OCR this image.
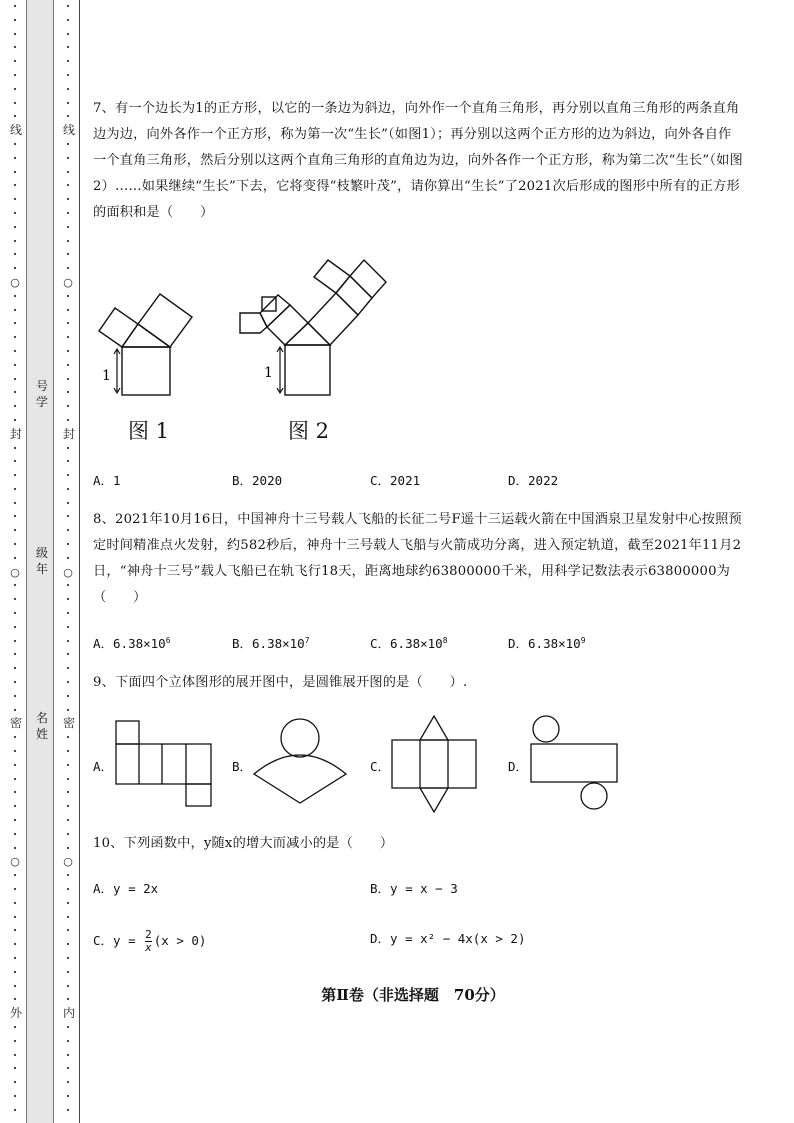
·
·
·
·
·
·
·
·
·
线
·
·
·
·
·
·
·
·
·
·
○
·
·
·
·
·
·
·
·
·
·
封
·
·
·
·
·
·
·
·
·
○
·
·
·
·
·
·
·
·
·
·
密
·
·
·
·
·
·
·
·
·
○
·
·
·
·
·
·
·
·
·
·
外
·
·
·
·
·
·
·
·
·
·
·
·
·
·
·
·
线
·
·
·
·
·
·
·
·
·
·
○
·
·
·
·
·
·
·
·
·
·
封
·
·
·
·
·
·
·
·
·
○
·
·
·
·
·
·
·
·
·
·
密
·
·
·
·
·
·
·
·
·
○
·
·
·
·
·
·
·
·
·
·
内
·
·
·
·
·
·
·
号学
级年
名姓
7、有一个边长为1的正方形，以它的一条边为斜边，向外作一个直角三角形，再分别以直角三角形的两条直角边为边，向外各作一个正方形，称为第一次“生长”（如图1）；再分别以这两个正方形的边为斜边，向外各自作一个直角三角形，然后分别以这两个直角三角形的直角边为边，向外各作一个正方形，称为第二次“生长”（如图2）……如果继续“生长”下去，它将变得“枝繁叶茂”，请你算出“生长”了2021次后形成的图形中所有的正方形的面积和是（　　）
1
图 1
1
图 2
A．1	B．2020	C．2021	D．2022
8、2021年10月16日，中国神舟十三号载人飞船的长征二号F遥十三运载火箭在中国酒泉卫星发射中心按照预定时间精准点火发射，约582秒后，神舟十三号载人飞船与火箭成功分离，进入预定轨道，截至2021年11月2日，“神舟十三号”载人飞船已在轨飞行18天，距离地球约63800000千米，用科学记数法表示63800000为（　　）
A．$6.38\times 10^6$	B．$6.38\times 10^7$	C．$6.38\times 10^8$	D．$6.38\times 10^9$
9、下面四个立体图形的展开图中，是圆锥展开图的是（　　）.
A．	B．	C．	D．
10、下列函数中，y随x的增大而减小的是（　　）
A．y = 2x	B．y = x − 3
C．$y = \frac{2}{x} (x > 0)$	D．y = x² − 4x(x > 2)
第Ⅱ卷（非选择题　70分）
